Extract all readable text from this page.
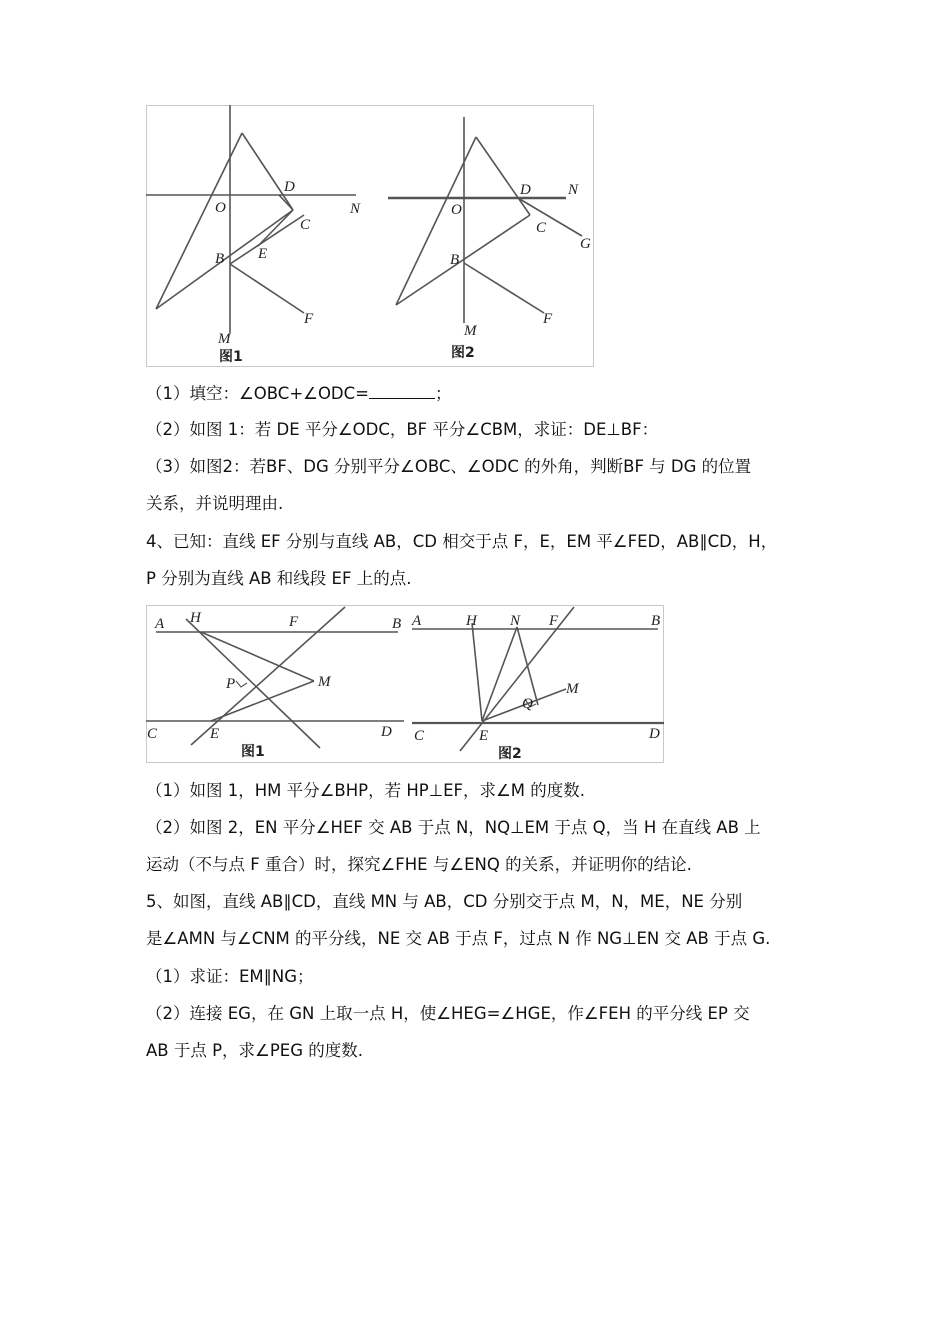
O
D
N
C
E
B
F
M
图1
O
D N
C
G
B
F
M
图2
（1）填空：∠OBC+∠ODC=	；
（2）如图 1：若 DE 平分∠ODC，BF 平分∠CBM，求证：DE⊥BF：
（3）如图2：若BF、DG 分别平分∠OBC、∠ODC 的外角，判断BF 与 DG 的位置
关系，并说明理由.
4、已知：直线 EF 分别与直线 AB，CD 相交于点 F，E，EM 平∠FED，AB∥CD，H，
P 分别为直线 AB 和线段 EF 上的点.
A H	F	B
P	M
C	E	D
图1
A	H N F	B
M
Q
C	E	D
图2
（1）如图 1，HM 平分∠BHP，若 HP⊥EF，求∠M 的度数.
（2）如图 2，EN 平分∠HEF 交 AB 于点 N，NQ⊥EM 于点 Q，当 H 在直线 AB 上
运动（不与点 F 重合）时，探究∠FHE 与∠ENQ 的关系，并证明你的结论.
5、如图，直线 AB∥CD，直线 MN 与 AB，CD 分别交于点 M，N，ME，NE 分别
是∠AMN 与∠CNM 的平分线，NE 交 AB 于点 F，过点 N 作 NG⊥EN 交 AB 于点 G.
（1）求证：EM∥NG；
（2）连接 EG，在 GN 上取一点 H，使∠HEG=∠HGE，作∠FEH 的平分线 EP 交
AB 于点 P，求∠PEG 的度数.
